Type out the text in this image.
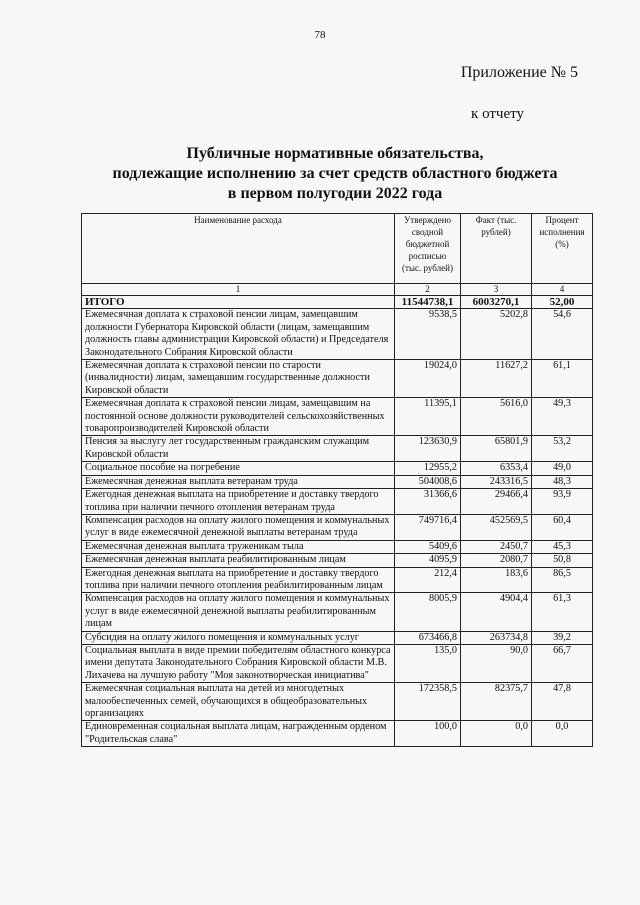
78
Приложение № 5
к отчету
Публичные нормативные обязательства,
подлежащие исполнению за счет средств областного бюджета
в первом полугодии 2022 года
Наименование расхода	Утверждено сводной бюджетной росписью (тыс. рублей)	Факт (тыс. рублей)	Процент исполнения (%)
1	2	3	4
ИТОГО	11544738,1	6003270,1	52,00
Ежемесячная доплата к страховой пенсии лицам, замещавшим должности Губернатора Кировской области (лицам, замещавшим должность главы администрации Кировской области) и Председателя Законодательного Собрания Кировской области	9538,5	5202,8	54,6
Ежемесячная доплата к страховой пенсии по старости (инвалидности) лицам, замещавшим государственные должности Кировской области	19024,0	11627,2	61,1
Ежемесячная доплата к страховой пенсии лицам, замещавшим на постоянной основе должности руководителей сельскохозяйственных товаропроизводителей Кировской области	11395,1	5616,0	49,3
Пенсия за выслугу лет государственным гражданским служащим Кировской области	123630,9	65801,9	53,2
Социальное пособие на погребение	12955,2	6353,4	49,0
Ежемесячная денежная выплата ветеранам труда	504008,6	243316,5	48,3
Ежегодная денежная выплата на приобретение и доставку твердого топлива при наличии печного отопления ветеранам труда	31366,6	29466,4	93,9
Компенсация расходов на оплату жилого помещения и коммунальных услуг в виде ежемесячной денежной выплаты ветеранам труда	749716,4	452569,5	60,4
Ежемесячная денежная выплата труженикам тыла	5409,6	2450,7	45,3
Ежемесячная денежная выплата реабилитированным лицам	4095,9	2080,7	50,8
Ежегодная денежная выплата на приобретение и доставку твердого топлива при наличии печного отопления реабилитированным лицам	212,4	183,6	86,5
Компенсация расходов на оплату жилого помещения и коммунальных услуг в виде ежемесячной денежной выплаты реабилитированным лицам	8005,9	4904,4	61,3
Субсидия на оплату жилого помещения и коммунальных услуг	673466,8	263734,8	39,2
Социальная выплата в виде премии победителям областного конкурса имени депутата Законодательного Собрания Кировской области М.В. Лихачева на лучшую работу "Моя законотворческая инициатива"	135,0	90,0	66,7
Ежемесячная социальная выплата на детей из многодетных малообеспеченных семей, обучающихся в общеобразовательных организациях	172358,5	82375,7	47,8
Единовременная социальная выплата лицам, награжденным орденом "Родительская слава"	100,0	0,0	0,0
